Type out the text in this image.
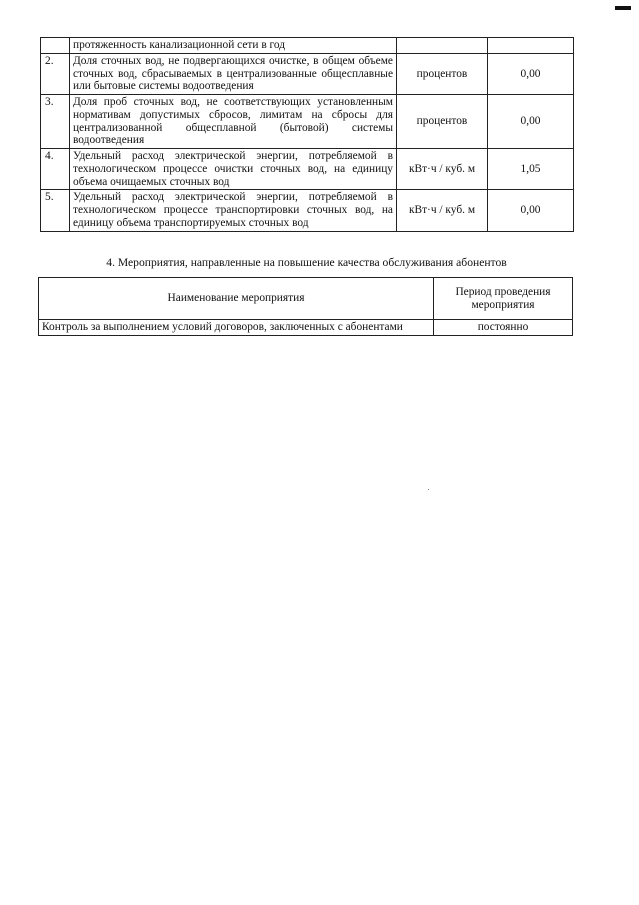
	протяженность канализационной сети в год		
2.	Доля сточных вод, не подвергающихся очистке, в общем объеме сточных вод, сбрасываемых в централизованные общесплавные или бытовые системы водоотведения	процентов	0,00
3.	Доля проб сточных вод, не соответствующих установленным нормативам допустимых сбросов, лимитам на сбросы для централизованной общесплавной (бытовой) системы водоотведения	процентов	0,00
4.	Удельный расход электрической энергии, потребляемой в технологическом процессе очистки сточных вод, на единицу объема очищаемых сточных вод	кВт·ч / куб. м	1,05
5.	Удельный расход электрической энергии, потребляемой в технологическом процессе транспортировки сточных вод, на единицу объема транспортируемых сточных вод	кВт·ч / куб. м	0,00
4. Мероприятия, направленные на повышение качества обслуживания абонентов
Наименование мероприятия	Период проведения мероприятия
Контроль за выполнением условий договоров, заключенных с абонентами	постоянно
